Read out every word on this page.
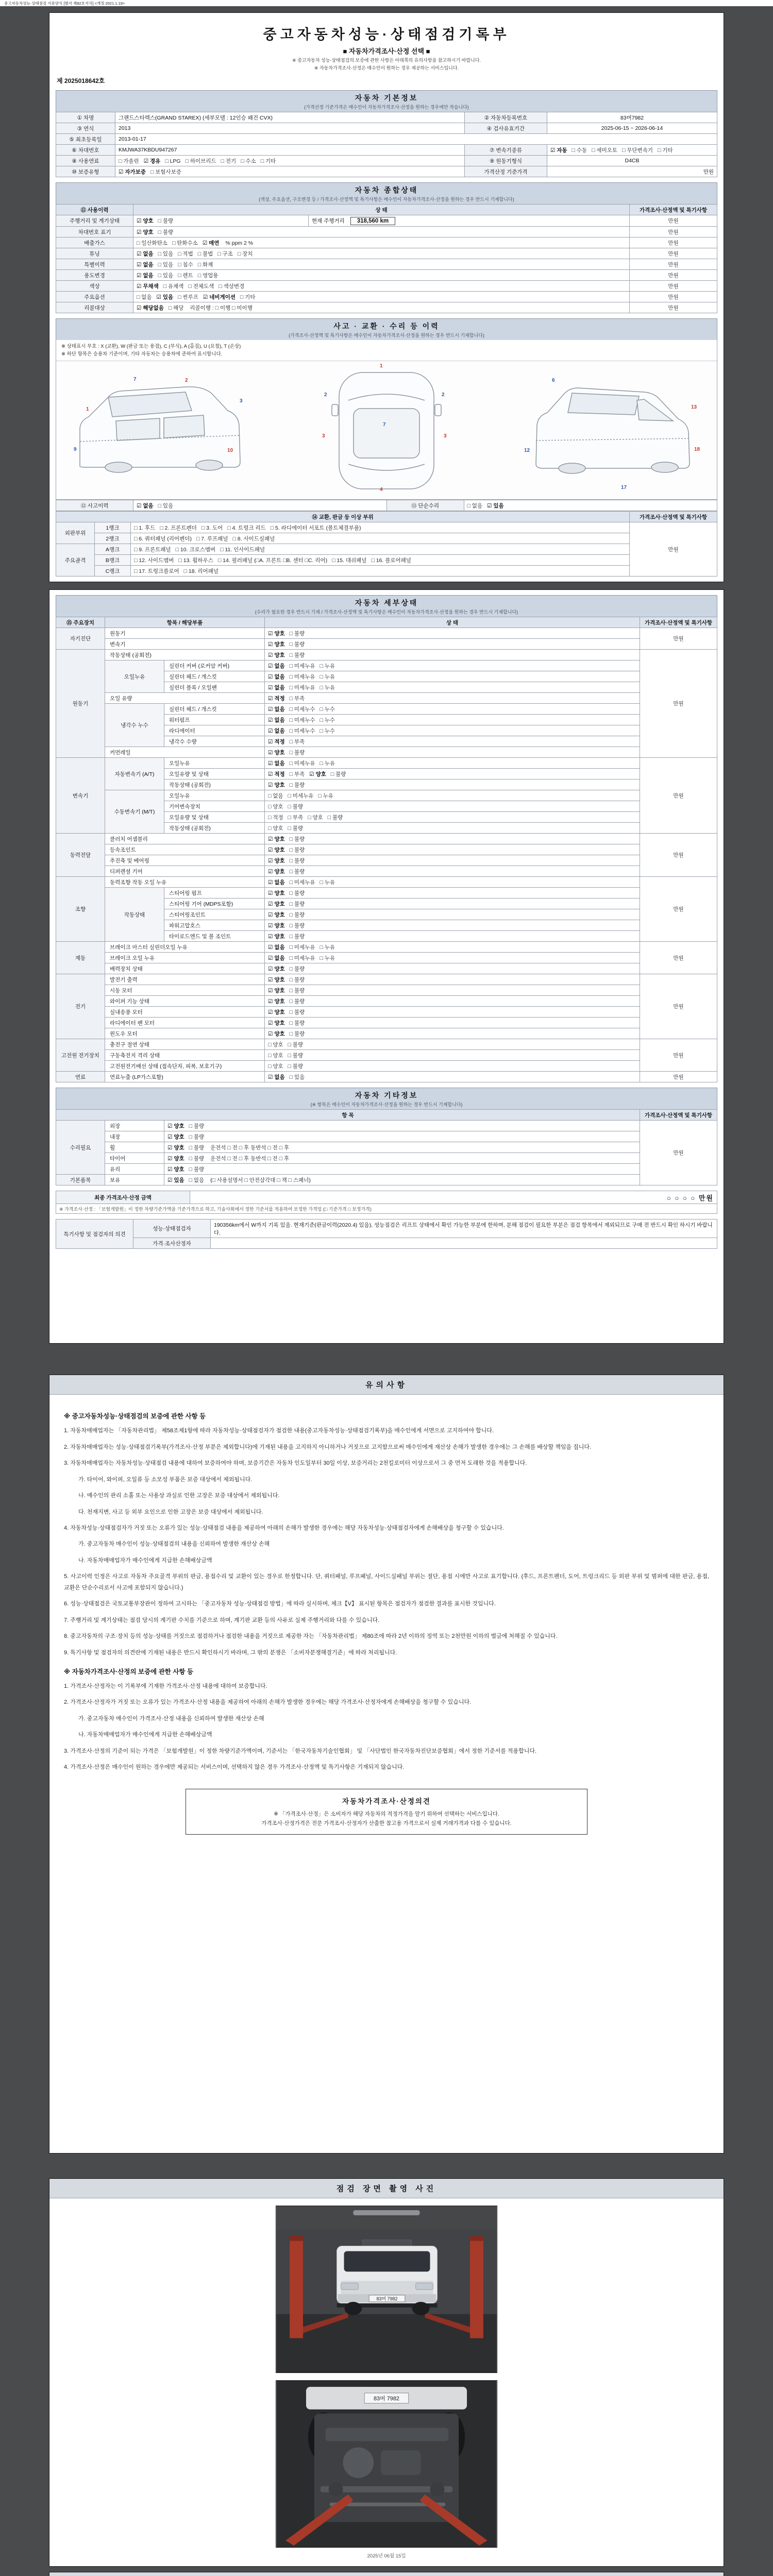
중고자동차성능·상태점검 서류양식 [별지 제82호서식] <개정 2021.1.19>
중고자동차성능·상태점검기록부
■ 자동차가격조사·산정 선택 ■
※ 중고자동차 성능·상태점검의 보증에 관한 사항은 아래쪽의 유의사항을 참고하시기 바랍니다.
※ 자동차가격조사·산정은 매수인이 원하는 경우 제공하는 서비스입니다.
제 2025018642호
자동차 기본정보
(가격산정 기준가격은 매수인이 자동차가격조사·산정을 원하는 경우에만 적습니다)
① 차명	그랜드스타렉스(GRAND STAREX) (세부모델 : 12인승 왜건 CVX)	② 자동차등록번호	83머7982
③ 연식	2013	④ 검사유효기간	2025-06-15 ~ 2026-06-14
⑤ 최초등록일	2013-01-17		
⑥ 차대번호	KMJWA37KBDU947267	⑦ 변속기종류	☑ 자동 □ 수동 □ 세미오토 □ 무단변속기 □ 기타
⑧ 사용연료	□ 가솔린 ☑ 경유 □ LPG □ 하이브리드 □ 전기 □ 수소 □ 기타	⑨ 원동기형식	D4CB
⑩ 보증유형	☑ 자가보증 □ 보험사보증	가격산정 기준가격	만원
자동차 종합상태
(색상, 주요옵션, 구조변경 등 / 가격조사·산정액 및 특기사항은 매수인이 자동차가격조사·산정을 원하는 경우 반드시 기재합니다)
⑪ 사용이력	상 태		가격조사·산정액 및 특기사항
주행거리 및 계기상태	☑ 양호 □ 불량	현재 주행거리 318,560 km	만원
차대번호 표기	☑ 양호 □ 불량		만원
배출가스	□ 일산화탄소 □ 탄화수소 ☑ 매연 % ppm 2 %		만원
튜닝	☑ 없음 □ 있음 □ 적법 □ 불법 □ 구조 □ 장치		만원
특별이력	☑ 없음 □ 있음 □ 침수 □ 화재		만원
용도변경	☑ 없음 □ 있음 □ 렌트 □ 영업용		만원
색상	☑ 무채색 □ 유채색 □ 전체도색 □ 색상변경		만원
주요옵션	□ 없음 ☑ 있음 □ 썬루프 ☑ 네비게이션 □ 기타		만원
리콜대상	☑ 해당없음 □ 해당 리콜이행 : □ 이행 □ 미이행		만원
사고 · 교환 · 수리 등 이력
(가격조사·산정액 및 특기사항은 매수인이 자동차가격조사·산정을 원하는 경우 반드시 기재합니다)
※ 상태표시 부호 : X (교환), W (판금 또는 용접), C (부식), A (흠집), U (요철), T (손상)
※ 하단 항목은 승용차 기준이며, 기타 자동차는 승용차에 준하여 표시합니다.
7
1
2
3
9	10
1
2	2
3	3
7
4
6
13
12	18
17
⑫ 사고이력	☑ 없음 □ 있음	⑬ 단순수리	□ 없음 ☑ 있음
⑭ 교환, 판금 등 이상 부위			가격조사·산정액 및 특기사항
외판부위	1랭크	□ 1. 후드 □ 2. 프론트펜더 □ 3. 도어 □ 4. 트렁크 리드 □ 5. 라디에이터 서포트 (볼트체결부품)	만원
	2랭크	□ 6. 쿼터패널 (리어펜더) □ 7. 루프패널 □ 8. 사이드실패널	
주요골격	A랭크	□ 9. 프론트패널 □ 10. 크로스멤버 □ 11. 인사이드패널	
	B랭크	□ 12. 사이드멤버 □ 13. 휠하우스 □ 14. 필러패널 (□A. 프론트 □B. 센터 □C. 리어) □ 15. 대쉬패널 □ 16. 플로어패널	
	C랭크	□ 17. 트렁크플로어 □ 18. 리어패널	
자동차 세부상태
(수리가 필요한 경우 반드시 기재 / 가격조사·산정액 및 특기사항은 매수인이 자동차가격조사·산정을 원하는 경우 반드시 기재합니다)
⑮ 주요장치	항목 / 해당부품		상 태	가격조사·산정액 및 특기사항
자기진단	원동기		☑ 양호 □ 불량	만원
	변속기		☑ 양호 □ 불량	
원동기	작동상태 (공회전)		☑ 양호 □ 불량	만원
	오일누유	실린더 커버 (로커암 커버)	☑ 없음 □ 미세누유 □ 누유	
		실린더 헤드 / 개스킷	☑ 없음 □ 미세누유 □ 누유	
		실린더 블록 / 오일팬	☑ 없음 □ 미세누유 □ 누유	
	오일 유량		☑ 적정 □ 부족	
	냉각수 누수	실린더 헤드 / 개스킷	☑ 없음 □ 미세누수 □ 누수	
		워터펌프	☑ 없음 □ 미세누수 □ 누수	
		라디에이터	☑ 없음 □ 미세누수 □ 누수	
		냉각수 수량	☑ 적정 □ 부족	
	커먼레일		☑ 양호 □ 불량	
변속기	자동변속기 (A/T)	오일누유	☑ 없음 □ 미세누유 □ 누유	만원
		오일유량 및 상태	☑ 적정 □ 부족 ☑ 양호 □ 불량	
		작동상태 (공회전)	☑ 양호 □ 불량	
	수동변속기 (M/T)	오일누유	□ 없음 □ 미세누유 □ 누유	
		기어변속장치	□ 양호 □ 불량	
		오일유량 및 상태	□ 적정 □ 부족 □ 양호 □ 불량	
		작동상태 (공회전)	□ 양호 □ 불량	
동력전달	클러치 어셈블리		☑ 양호 □ 불량	만원
	등속조인트		☑ 양호 □ 불량	
	추진축 및 베어링		☑ 양호 □ 불량	
	디퍼렌셜 기어		☑ 양호 □ 불량	
조향	동력조향 작동 오일 누유		☑ 없음 □ 미세누유 □ 누유	만원
	작동상태	스티어링 펌프	☑ 양호 □ 불량	
		스티어링 기어 (MDPS포함)	☑ 양호 □ 불량	
		스티어링조인트	☑ 양호 □ 불량	
		파워고압호스	☑ 양호 □ 불량	
		타이로드엔드 및 볼 조인트	☑ 양호 □ 불량	
제동	브레이크 마스터 실린더오일 누유		☑ 없음 □ 미세누유 □ 누유	만원
	브레이크 오일 누유		☑ 없음 □ 미세누유 □ 누유	
	배력장치 상태		☑ 양호 □ 불량	
전기	발전기 출력		☑ 양호 □ 불량	만원
	시동 모터		☑ 양호 □ 불량	
	와이퍼 기능 상태		☑ 양호 □ 불량	
	실내송풍 모터		☑ 양호 □ 불량	
	라디에이터 팬 모터		☑ 양호 □ 불량	
	윈도우 모터		☑ 양호 □ 불량	
고전원 전기장치	충전구 절연 상태		□ 양호 □ 불량	만원
	구동축전지 격리 상태		□ 양호 □ 불량	
	고전원전기배선 상태 (접속단자, 피복, 보호기구)		□ 양호 □ 불량	
연료	연료누출 (LP가스포함)		☑ 없음 □ 있음	만원
자동차 기타정보
(※ 항목은 매수인이 자동차가격조사·산정을 원하는 경우 반드시 기재합니다)
항 목			가격조사·산정액 및 특기사항
수리필요	외장	☑ 양호 □ 불량	만원
	내장	☑ 양호 □ 불량	
	휠	☑ 양호 □ 불량 운전석 □ 전 □ 후 동반석 □ 전 □ 후	
	타이어	☑ 양호 □ 불량 운전석 □ 전 □ 후 동반석 □ 전 □ 후	
	유리	☑ 양호 □ 불량	
기본품목	보유	☑ 있음 □ 없음 (□ 사용설명서 □ 안전삼각대 □ 잭 □ 스패너)	
최종 가격조사·산정 금액	○ ○ ○ ○ 만원
※ 가격조사·산정 : 「보험개발원」이 정한 차량기준가액을 기준가격으로 하고, 기술사회에서 정한 기준서를 적용하여 보정한 가격임 (□ 기준가격 □ 보정가격)
특기사항 및 점검자의 의견	성능·상태점검자	190356km에서 W까지 기록 있음. 현재기준(판금이력(2020.4) 있음), 성능점검은 리프트 상태에서 확인 가능한 부분에 한하며, 분해 점검이 필요한 부분은 점검 항목에서 제외되므로 구매 전 반드시 확인 하시기 바랍니다.
	가격·조사산정자	
유의사항
※ 중고자동차성능·상태점검의 보증에 관한 사항 등
1. 자동차매매업자는 「자동차관리법」 제58조제1항에 따라 자동차성능·상태점검자가 점검한 내용(중고자동차성능·상태점검기록부)을 매수인에게 서면으로 고지하여야 합니다.
2. 자동차매매업자는 성능·상태점검기록부(가격조사·산정 부분은 제외합니다)에 기재된 내용을 고지하지 아니하거나 거짓으로 고지함으로써 매수인에게 재산상 손해가 발생한 경우에는 그 손해를 배상할 책임을 집니다.
3. 자동차매매업자는 자동차성능·상태점검 내용에 대하여 보증하여야 하며, 보증기간은 자동차 인도일부터 30일 이상, 보증거리는 2천킬로미터 이상으로서 그 중 먼저 도래한 것을 적용합니다.
가. 타이어, 와이퍼, 오일류 등 소모성 부품은 보증 대상에서 제외됩니다.
나. 매수인의 관리 소홀 또는 사용상 과실로 인한 고장은 보증 대상에서 제외됩니다.
다. 천재지변, 사고 등 외부 요인으로 인한 고장은 보증 대상에서 제외됩니다.
4. 자동차성능·상태점검자가 거짓 또는 오류가 있는 성능·상태점검 내용을 제공하여 아래의 손해가 발생한 경우에는 해당 자동차성능·상태점검자에게 손해배상을 청구할 수 있습니다.
가. 중고자동차 매수인이 성능·상태점검의 내용을 신뢰하여 발생한 재산상 손해
나. 자동차매매업자가 매수인에게 지급한 손해배상금액
5. 사고이력 인정은 사고로 자동차 주요골격 부위의 판금, 용접수리 및 교환이 있는 경우로 한정합니다. 단, 쿼터패널, 루프패널, 사이드실패널 부위는 절단, 용접 시에만 사고로 표기합니다. (후드, 프론트펜더, 도어, 트렁크리드 등 외판 부위 및 범퍼에 대한 판금, 용접, 교환은 단순수리로서 사고에 포함되지 않습니다.)
6. 성능·상태점검은 국토교통부장관이 정하여 고시하는 「중고자동차 성능·상태점검 방법」에 따라 실시하며, 체크【V】 표시된 항목은 점검자가 점검한 결과를 표시한 것입니다.
7. 주행거리 및 계기상태는 점검 당시의 계기판 수치를 기준으로 하며, 계기판 교환 등의 사유로 실제 주행거리와 다를 수 있습니다.
8. 중고자동차의 구조·장치 등의 성능·상태를 거짓으로 점검하거나 점검한 내용을 거짓으로 제공한 자는 「자동차관리법」 제80조에 따라 2년 이하의 징역 또는 2천만원 이하의 벌금에 처해질 수 있습니다.
9. 특기사항 및 점검자의 의견란에 기재된 내용은 반드시 확인하시기 바라며, 그 밖의 분쟁은 「소비자분쟁해결기준」에 따라 처리됩니다.
※ 자동차가격조사·산정의 보증에 관한 사항 등
1. 가격조사·산정자는 이 기록부에 기재한 가격조사·산정 내용에 대하여 보증합니다.
2. 가격조사·산정자가 거짓 또는 오류가 있는 가격조사·산정 내용을 제공하여 아래의 손해가 발생한 경우에는 해당 가격조사·산정자에게 손해배상을 청구할 수 있습니다.
가. 중고자동차 매수인이 가격조사·산정 내용을 신뢰하여 발생한 재산상 손해
나. 자동차매매업자가 매수인에게 지급한 손해배상금액
3. 가격조사·산정의 기준이 되는 가격은 「보험개발원」이 정한 차량기준가액이며, 기준서는 「한국자동차기술인협회」 및 「사단법인 한국자동차진단보증협회」에서 정한 기준서를 적용합니다.
4. 가격조사·산정은 매수인이 원하는 경우에만 제공되는 서비스이며, 선택하지 않은 경우 가격조사·산정액 및 특기사항은 기재되지 않습니다.
자동차가격조사·산정의견
※ 「가격조사·산정」은 소비자가 해당 자동차의 적정가격을 알기 위하여 선택하는 서비스입니다.
가격조사·산정가격은 전문 가격조사·산정자가 산출한 참고용 가격으로서 실제 거래가격과 다를 수 있습니다.
점검 장면 촬영 사진
83머 7982
83머 7982
2025년 06월 15일
